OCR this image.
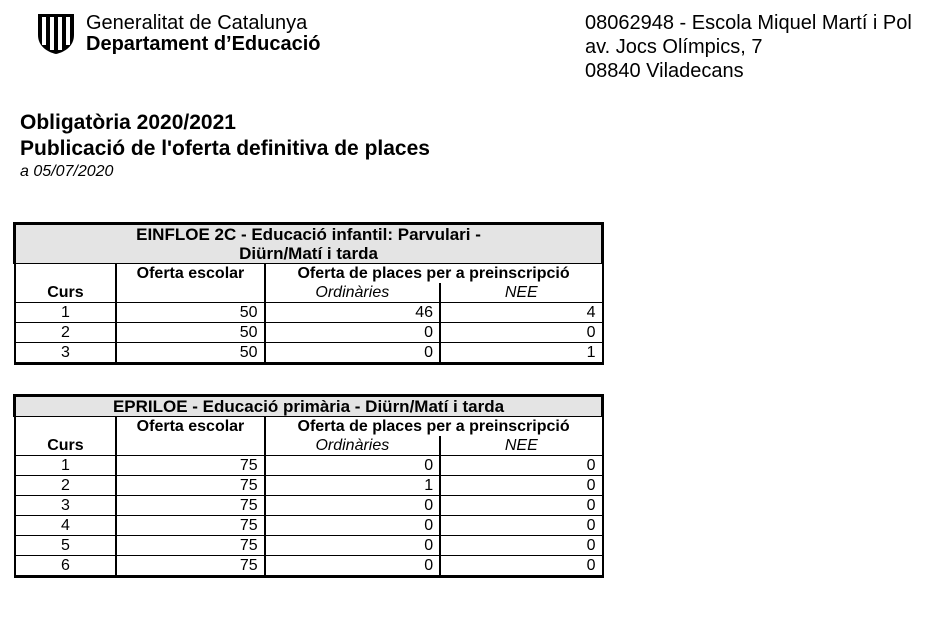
Generalitat de Catalunya
Departament d’Educació
08062948 - Escola Miquel Martí i Pol
av. Jocs Olímpics, 7
08840 Viladecans
Obligatòria 2020/2021
Publicació de l'oferta definitiva de places
a 05/07/2020
EINFLOE 2C - Educació infantil: Parvulari - Diürn/Matí i tarda			
	Oferta escolar	Oferta de places per a preinscripció	
Curs		Ordinàries	NEE
1	50	46	4
2	50	0	0
3	50	0	1
EPRILOE - Educació primària - Diürn/Matí i tarda			
	Oferta escolar	Oferta de places per a preinscripció	
Curs		Ordinàries	NEE
1	75	0	0
2	75	1	0
3	75	0	0
4	75	0	0
5	75	0	0
6	75	0	0
